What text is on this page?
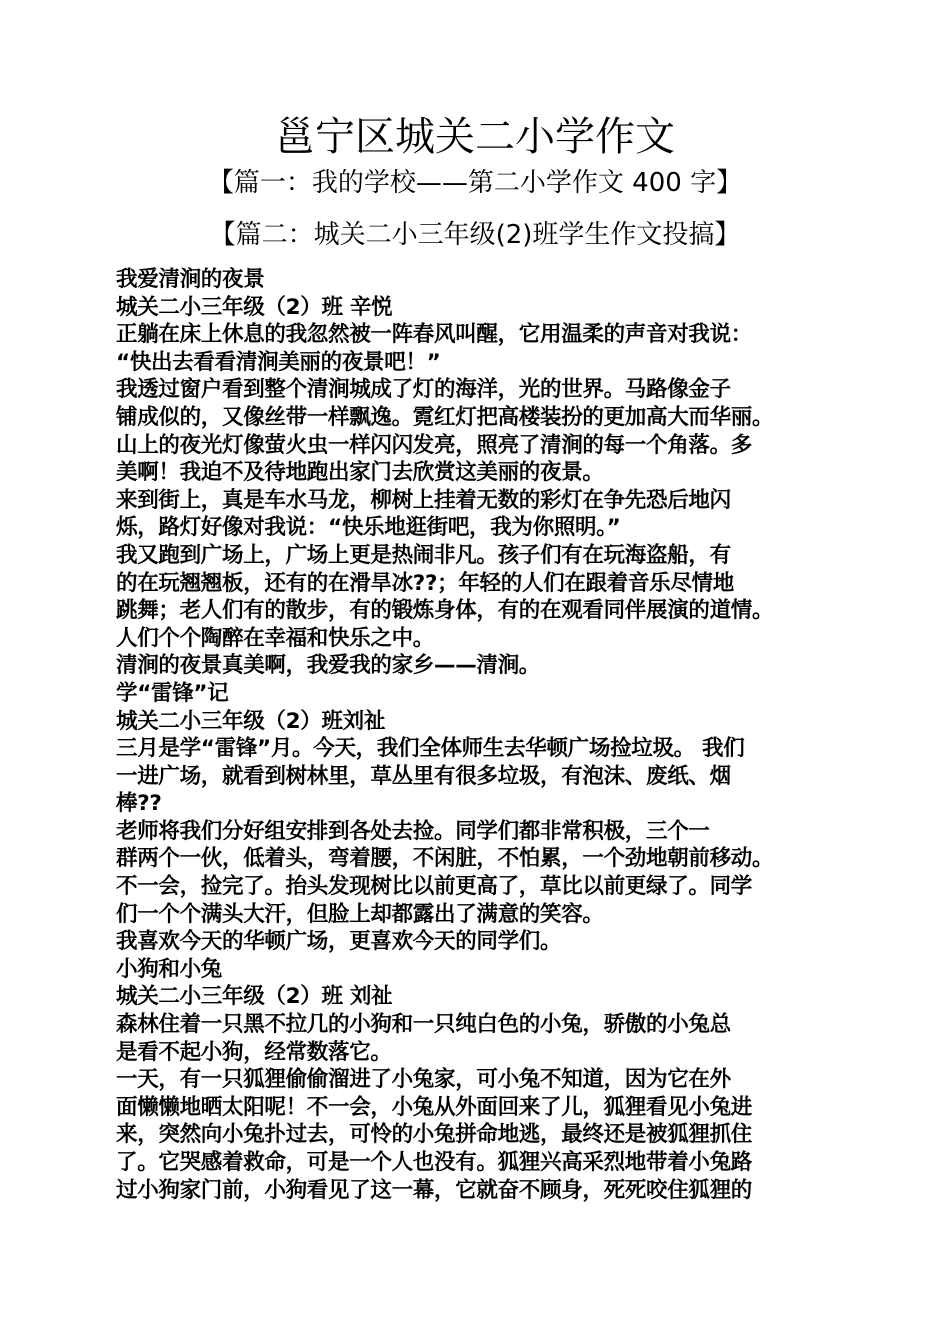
邕宁区城关二小学作文
【篇一：我的学校——第二小学作文 400 字】
【篇二：城关二小三年级(2)班学生作文投搞】
我爱清涧的夜景
城关二小三年级（2）班 辛悦
正躺在床上休息的我忽然被一阵春风叫醒，它用温柔的声音对我说：
“快出去看看清涧美丽的夜景吧！”
我透过窗户看到整个清涧城成了灯的海洋，光的世界。马路像金子
铺成似的，又像丝带一样飘逸。霓红灯把高楼装扮的更加高大而华丽。
山上的夜光灯像萤火虫一样闪闪发亮，照亮了清涧的每一个角落。多
美啊！我迫不及待地跑出家门去欣赏这美丽的夜景。
来到街上，真是车水马龙，柳树上挂着无数的彩灯在争先恐后地闪
烁，路灯好像对我说：“快乐地逛街吧，我为你照明。”
我又跑到广场上，广场上更是热闹非凡。孩子们有在玩海盗船，有
的在玩翘翘板，还有的在滑旱冰??；年轻的人们在跟着音乐尽情地
跳舞；老人们有的散步，有的锻炼身体，有的在观看同伴展演的道情。
人们个个陶醉在幸福和快乐之中。
清涧的夜景真美啊，我爱我的家乡——清涧。
学“雷锋”记
城关二小三年级（2）班刘祉
三月是学“雷锋”月。今天，我们全体师生去华顿广场捡垃圾。 我们
一进广场，就看到树林里，草丛里有很多垃圾，有泡沫、废纸、烟
棒??
老师将我们分好组安排到各处去捡。同学们都非常积极，三个一
群两个一伙，低着头，弯着腰，不闲脏，不怕累，一个劲地朝前移动。
不一会，捡完了。抬头发现树比以前更高了，草比以前更绿了。同学
们一个个满头大汗，但脸上却都露出了满意的笑容。
我喜欢今天的华顿广场，更喜欢今天的同学们。
小狗和小兔
城关二小三年级（2）班 刘祉
森林住着一只黑不拉几的小狗和一只纯白色的小兔，骄傲的小兔总
是看不起小狗，经常数落它。
一天，有一只狐狸偷偷溜进了小兔家，可小兔不知道，因为它在外
面懒懒地晒太阳呢！不一会，小兔从外面回来了儿，狐狸看见小兔进
来，突然向小兔扑过去，可怜的小兔拼命地逃，最终还是被狐狸抓住
了。它哭感着救命，可是一个人也没有。狐狸兴高采烈地带着小兔路
过小狗家门前，小狗看见了这一幕，它就奋不顾身，死死咬住狐狸的
